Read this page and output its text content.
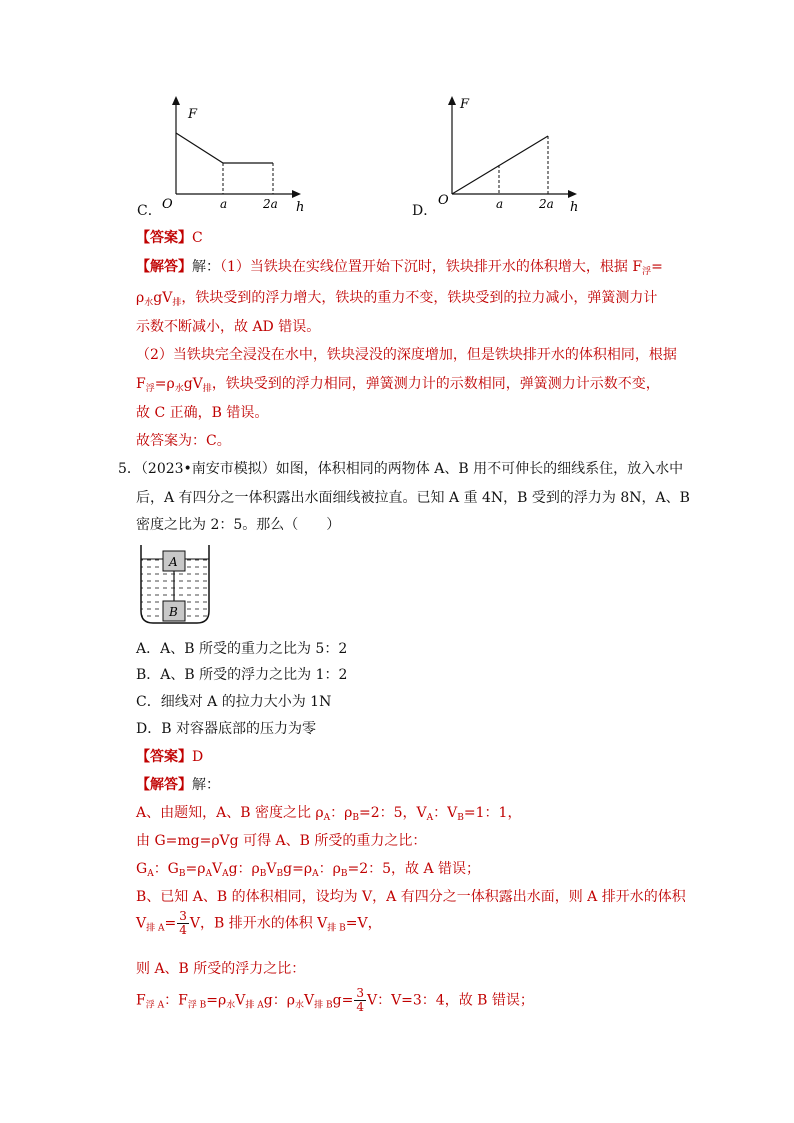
F
O	a	2a h
C．
F
O	a	2a h
D．
【答案】C
【解答】解：（1）当铁块在实线位置开始下沉时，铁块排开水的体积增大，根据 $F_浮=$
$\rho_水gV_排$，铁块受到的浮力增大，铁块的重力不变，铁块受到的拉力减小，弹簧测力计
示数不断减小，故 AD 错误。
（2）当铁块完全浸没在水中，铁块浸没的深度增加，但是铁块排开水的体积相同，根据
$F_浮=\rho_水gV_排$，铁块受到的浮力相同，弹簧测力计的示数相同，弹簧测力计示数不变，
故 C 正确，B 错误。
故答案为：C。
5．（2023•南安市模拟）如图，体积相同的两物体 A、B 用不可伸长的细线系住，放入水中
后，A 有四分之一体积露出水面细线被拉直。已知 A 重 4N，B 受到的浮力为 8N，A、B
密度之比为 2：5。那么（　　）
A
B
A．A、B 所受的重力之比为 5：2
B．A、B 所受的浮力之比为 1：2
C．细线对 A 的拉力大小为 1N
D．B 对容器底部的压力为零
【答案】D
【解答】解：
A、由题知，A、B 密度之比 $\rho_A$：$\rho_B=2$：5，$V_A$：$V_B=1$：1，
由 G=mg=ρVg 可得 A、B 所受的重力之比：
$G_A$：$G_B=\rho_AV_Ag$：$\rho_BV_Bg=\rho_A$：$\rho_B=2$：5，故 A 错误；
B、已知 A、B 的体积相同，设均为 V，A 有四分之一体积露出水面，则 A 排开水的体积
$V_{排 A}= \frac{3}{4}$ V，B 排开水的体积 $V_{排 B}=V$，
则 A、B 所受的浮力之比：
$F_{浮 A}$：$F_{浮 B}=\rho_水V_{排 A}g$：$\rho_水V_{排 B}g= \frac{3}{4}$ V：V=3：4，故 B 错误；
